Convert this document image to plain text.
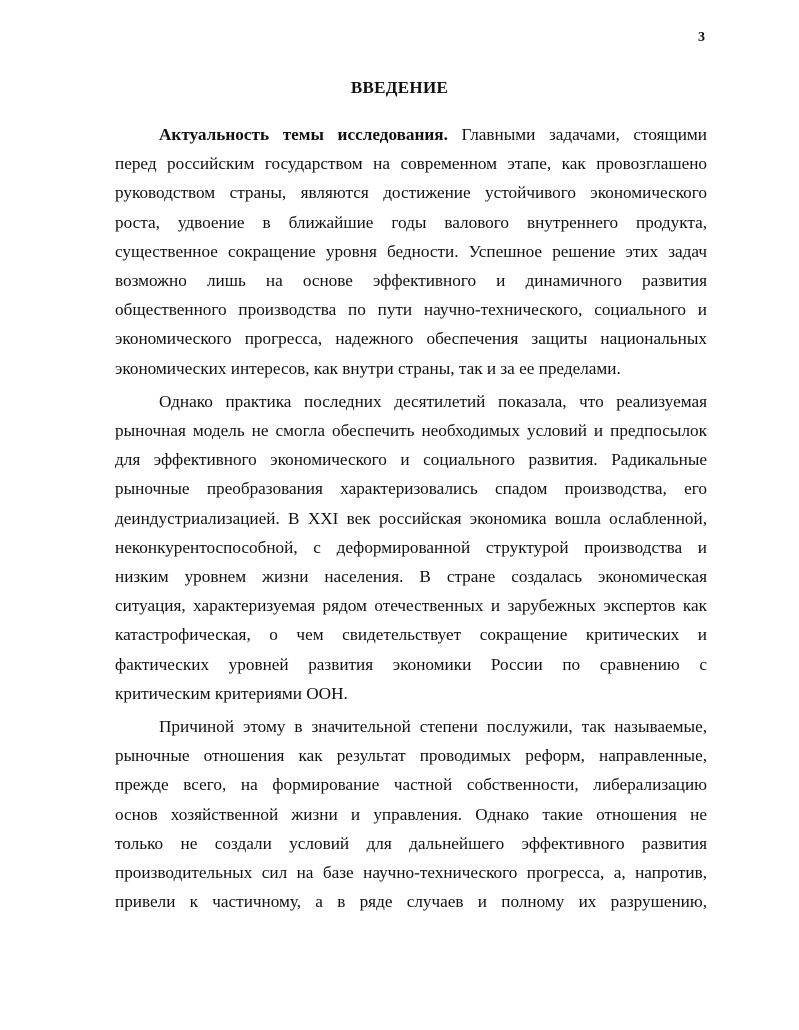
3
ВВЕДЕНИЕ
Актуальность темы исследования. Главными задачами, стоящими
перед российским государством на современном этапе, как провозглашено
руководством страны, являются достижение устойчивого экономического
роста, удвоение в ближайшие годы валового внутреннего продукта,
существенное сокращение уровня бедности. Успешное решение этих задач
возможно лишь на основе эффективного и динамичного развития
общественного производства по пути научно-технического, социального и
экономического прогресса, надежного обеспечения защиты национальных
экономических интересов, как внутри страны, так и за ее пределами.
Однако практика последних десятилетий показала, что реализуемая
рыночная модель не смогла обеспечить необходимых условий и предпосылок
для эффективного экономического и социального развития. Радикальные
рыночные преобразования характеризовались спадом производства, его
деиндустриализацией. В XXI век российская экономика вошла ослабленной,
неконкурентоспособной, с деформированной структурой производства и
низким уровнем жизни населения. В стране создалась экономическая
ситуация, характеризуемая рядом отечественных и зарубежных экспертов как
катастрофическая, о чем свидетельствует сокращение критических и
фактических уровней развития экономики России по сравнению с
критическим критериями ООН.
Причиной этому в значительной степени послужили, так называемые,
рыночные отношения как результат проводимых реформ, направленные,
прежде всего, на формирование частной собственности, либерализацию
основ хозяйственной жизни и управления. Однако такие отношения не
только не создали условий для дальнейшего эффективного развития
производительных сил на базе научно-технического прогресса, а, напротив,
привели к частичному, а в ряде случаев и полному их разрушению,
